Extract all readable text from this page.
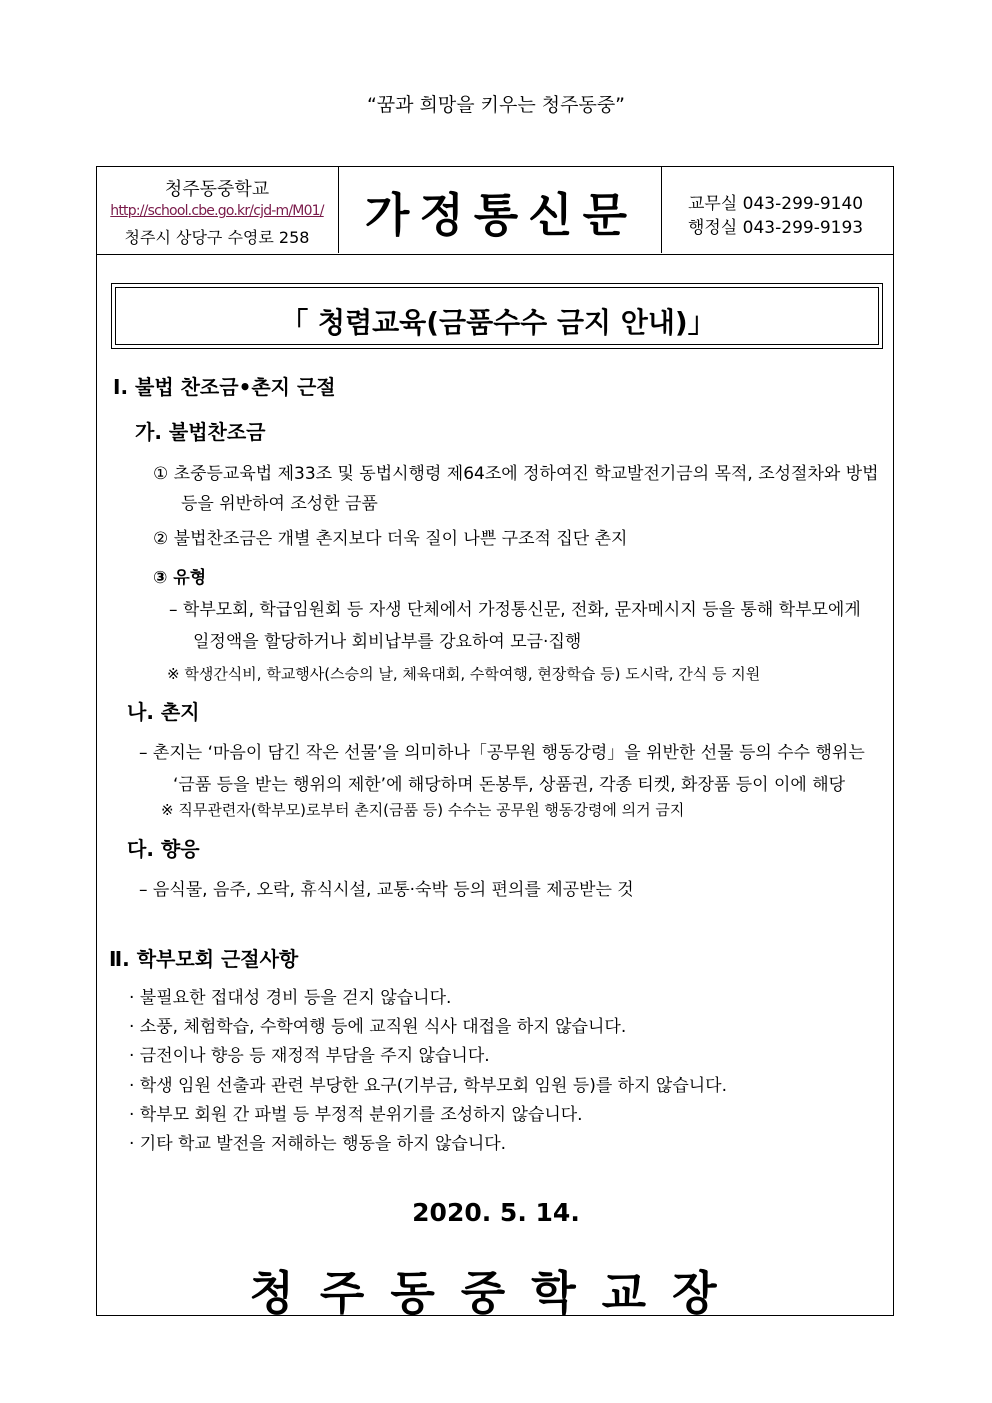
“꿈과 희망을 키우는 청주동중”
청주동중학교
http://school.cbe.go.kr/cjd-m/M01/
청주시 상당구 수영로 258	가정통신문	교무실 043-299-9140
행정실 043-299-9193
「 청렴교육(금품수수 금지 안내)」
Ⅰ. 불법 찬조금•촌지 근절
가. 불법찬조금
① 초중등교육법 제33조 및 동법시행령 제64조에 정하여진 학교발전기금의 목적, 조성절차와 방법
등을 위반하여 조성한 금품
② 불법찬조금은 개별 촌지보다 더욱 질이 나쁜 구조적 집단 촌지
③ 유형
– 학부모회, 학급임원회 등 자생 단체에서 가정통신문, 전화, 문자메시지 등을 통해 학부모에게
일정액을 할당하거나 회비납부를 강요하여 모금·집행
※ 학생간식비, 학교행사(스승의 날, 체육대회, 수학여행, 현장학습 등) 도시락, 간식 등 지원
나. 촌지
– 촌지는 ‘마음이 담긴 작은 선물’을 의미하나「공무원 행동강령」을 위반한 선물 등의 수수 행위는
‘금품 등을 받는 행위의 제한’에 해당하며 돈봉투, 상품권, 각종 티켓, 화장품 등이 이에 해당
※ 직무관련자(학부모)로부터 촌지(금품 등) 수수는 공무원 행동강령에 의거 금지
다. 향응
– 음식물, 음주, 오락, 휴식시설, 교통·숙박 등의 편의를 제공받는 것
Ⅱ. 학부모회 근절사항
· 불필요한 접대성 경비 등을 걷지 않습니다.
· 소풍, 체험학습, 수학여행 등에 교직원 식사 대접을 하지 않습니다.
· 금전이나 향응 등 재정적 부담을 주지 않습니다.
· 학생 임원 선출과 관련 부당한 요구(기부금, 학부모회 임원 등)를 하지 않습니다.
· 학부모 회원 간 파벌 등 부정적 분위기를 조성하지 않습니다.
· 기타 학교 발전을 저해하는 행동을 하지 않습니다.
2020. 5. 14.
청주동중학교장
